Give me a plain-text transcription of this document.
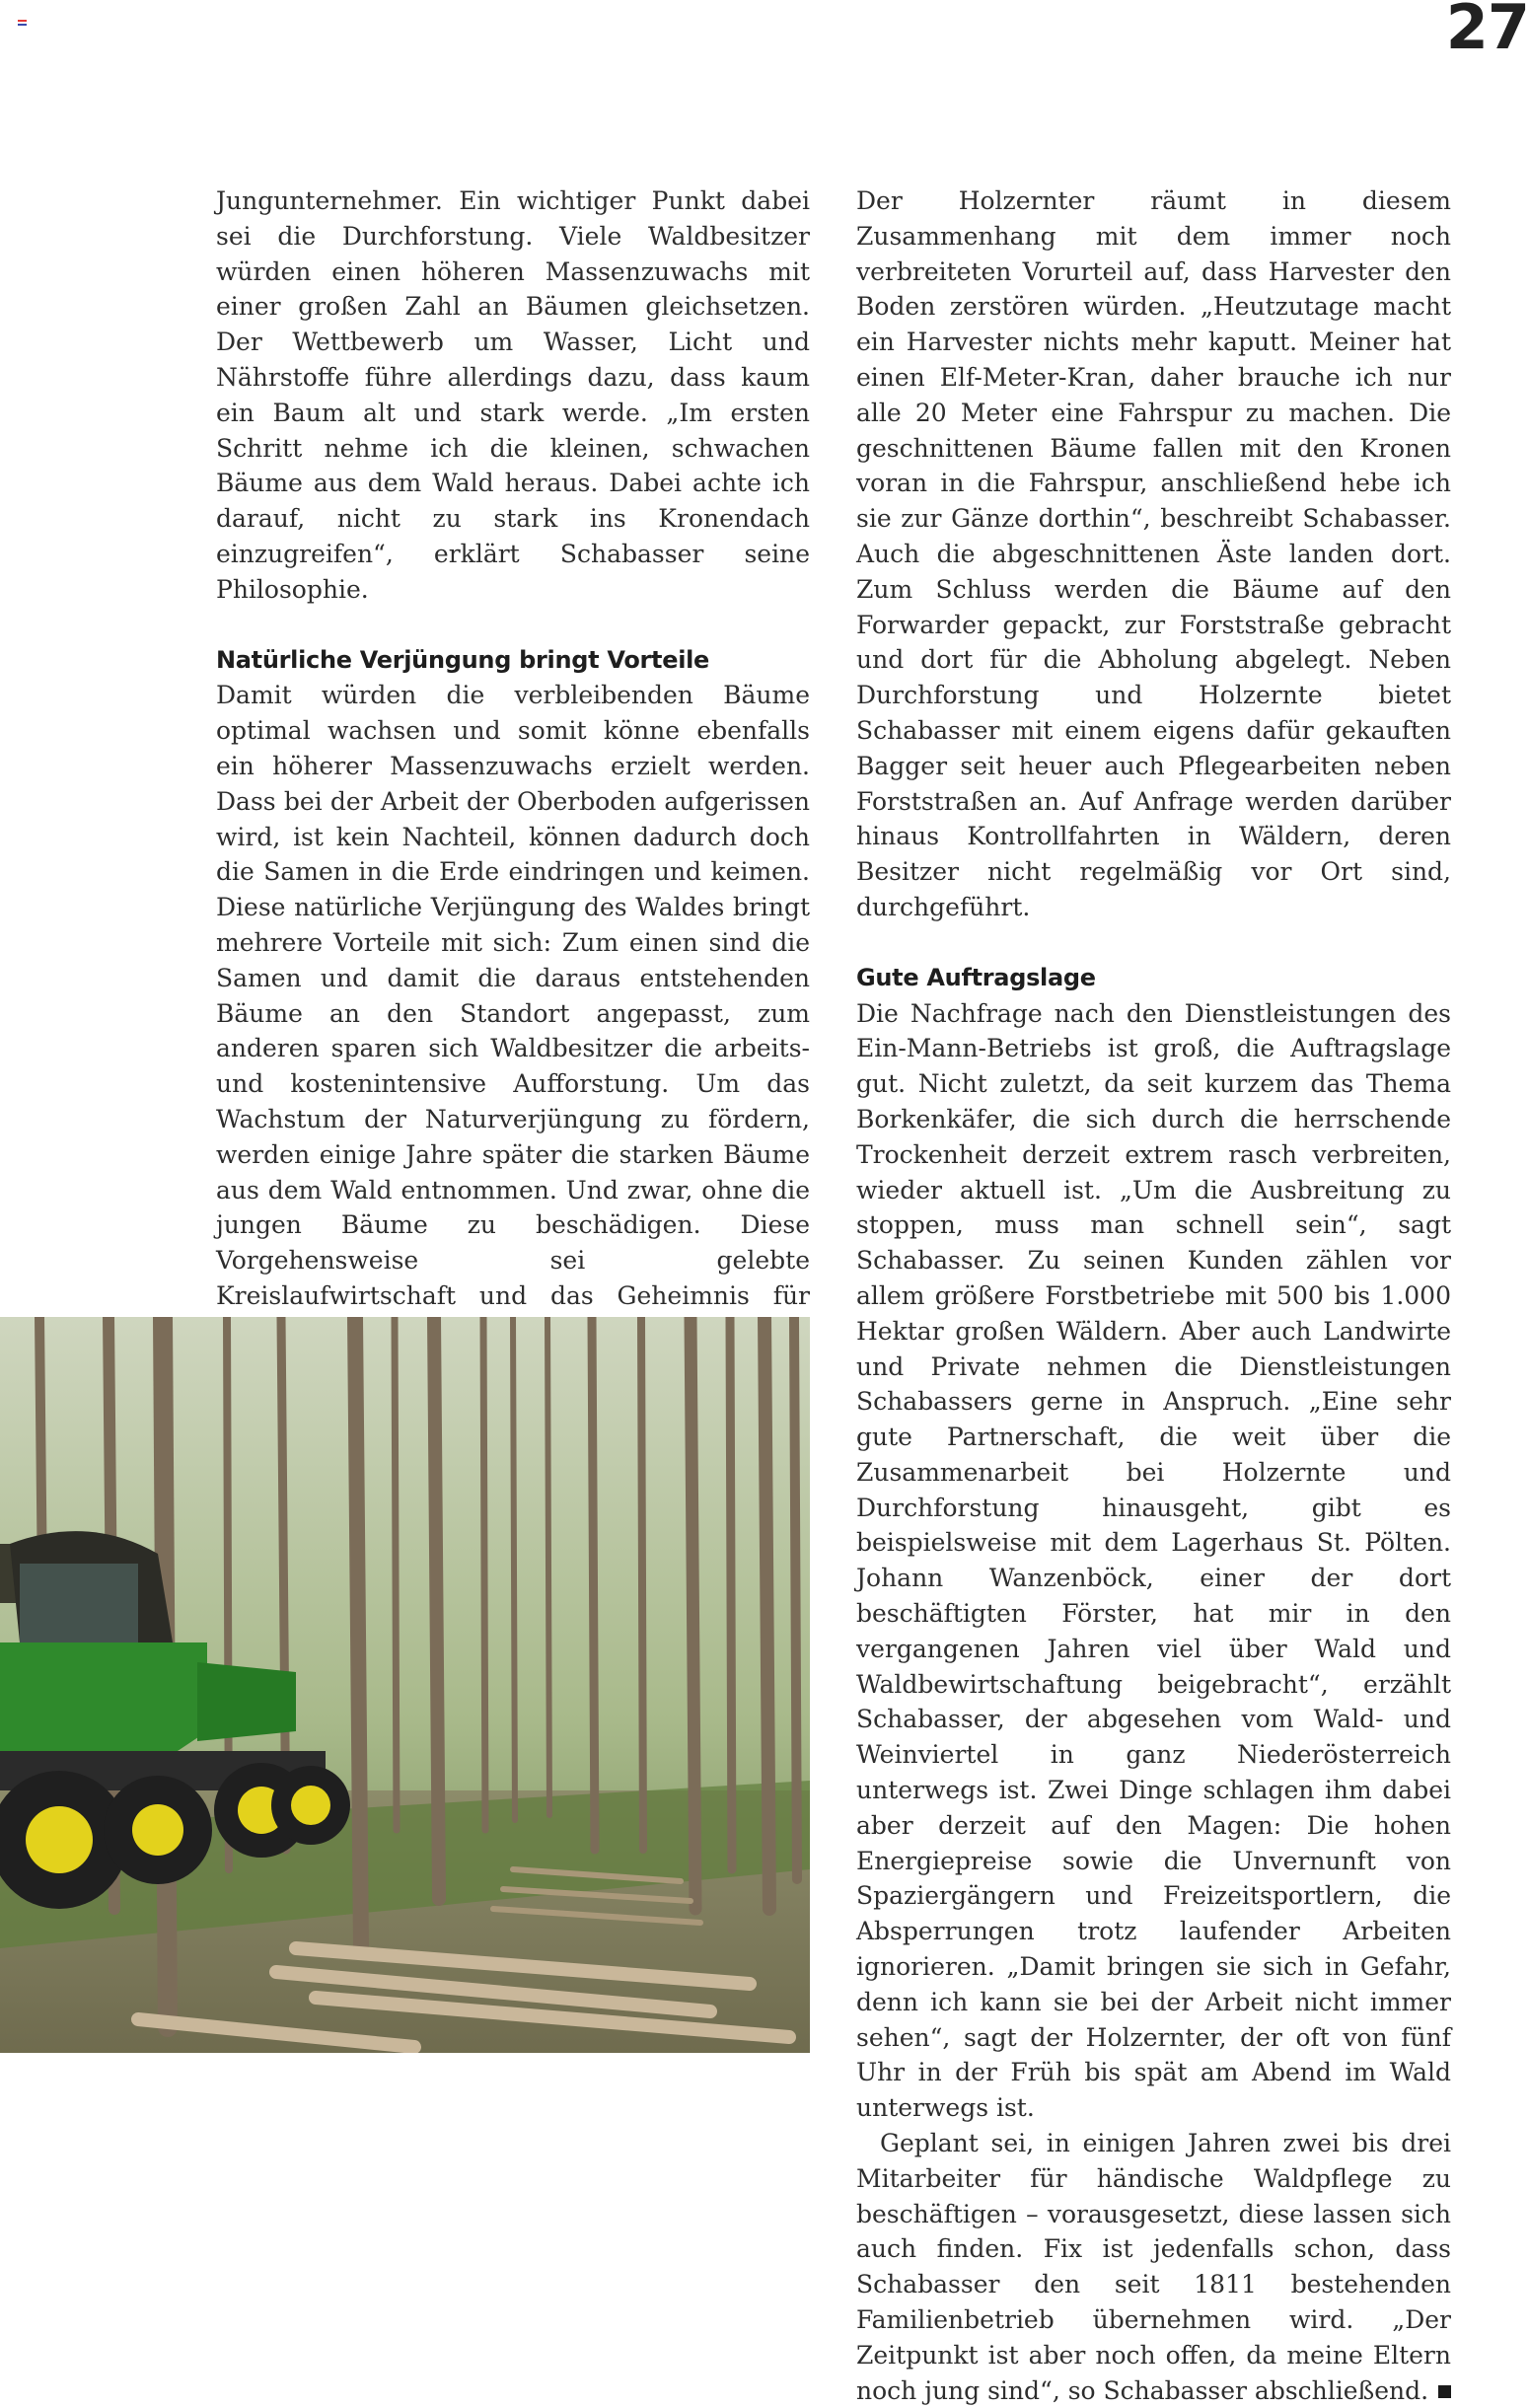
27

Jungunternehmer. Ein wichtiger Punkt dabei sei die Durchforstung. Viele Waldbesitzer würden einen höheren Massenzuwachs mit einer großen Zahl an Bäumen gleichsetzen. Der Wettbewerb um Wasser, Licht und Nährstoffe führe allerdings dazu, dass kaum ein Baum alt und stark werde. „Im ersten Schritt nehme ich die kleinen, schwachen Bäume aus dem Wald heraus. Dabei achte ich darauf, nicht zu stark ins Kronendach einzugreifen“, erklärt Schabasser seine Philosophie.

Natürliche Verjüngung bringt Vorteile

Damit würden die verbleibenden Bäume optimal wachsen und somit könne ebenfalls ein höherer Massenzuwachs erzielt werden. Dass bei der Arbeit der Oberboden aufgerissen wird, ist kein Nachteil, können dadurch doch die Samen in die Erde eindringen und keimen. Diese natürliche Verjüngung des Waldes bringt mehrere Vorteile mit sich: Zum einen sind die Samen und damit die daraus entstehenden Bäume an den Standort angepasst, zum anderen sparen sich Waldbesitzer die arbeits- und kostenintensive Aufforstung. Um das Wachstum der Naturverjüngung zu fördern, werden einige Jahre später die starken Bäume aus dem Wald entnommen. Und zwar, ohne die jungen Bäume zu beschädigen. Diese Vorgehensweise sei gelebte Kreislaufwirtschaft und das Geheimnis für

Der Holzernter räumt in diesem Zusammenhang mit dem immer noch verbreiteten Vorurteil auf, dass Harvester den Boden zerstören würden. „Heutzutage macht ein Harvester nichts mehr kaputt. Meiner hat einen Elf-Meter-Kran, daher brauche ich nur alle 20 Meter eine Fahrspur zu machen. Die geschnittenen Bäume fallen mit den Kronen voran in die Fahrspur, anschließend hebe ich sie zur Gänze dorthin“, beschreibt Schabasser. Auch die abgeschnittenen Äste landen dort. Zum Schluss werden die Bäume auf den Forwarder gepackt, zur Forststraße gebracht und dort für die Abholung abgelegt. Neben Durchforstung und Holzernte bietet Schabasser mit einem eigens dafür gekauften Bagger seit heuer auch Pflegearbeiten neben Forststraßen an. Auf Anfrage werden darüber hinaus Kontrollfahrten in Wäldern, deren Besitzer nicht regelmäßig vor Ort sind, durchgeführt.

Gute Auftragslage

Die Nachfrage nach den Dienstleistungen des Ein-Mann-Betriebs ist groß, die Auftragslage gut. Nicht zuletzt, da seit kurzem das Thema Borkenkäfer, die sich durch die herrschende Trockenheit derzeit extrem rasch verbreiten, wieder aktuell ist. „Um die Ausbreitung zu stoppen, muss man schnell sein“, sagt Schabasser. Zu seinen Kunden zählen vor allem größere Forstbetriebe mit 500 bis 1.000 Hektar großen Wäldern. Aber auch Landwirte und Private nehmen die Dienstleistungen Schabassers gerne in Anspruch. „Eine sehr gute Partnerschaft, die weit über die Zusammenarbeit bei Holzernte und Durchforstung hinausgeht, gibt es beispielsweise mit dem Lagerhaus St. Pölten. Johann Wanzenböck, einer der dort beschäftigten Förster, hat mir in den vergangenen Jahren viel über Wald und Waldbewirtschaftung beigebracht“, erzählt Schabasser, der abgesehen vom Wald- und Weinviertel in ganz Niederösterreich unterwegs ist. Zwei Dinge schlagen ihm dabei aber derzeit auf den Magen: Die hohen Energiepreise sowie die Unvernunft von Spaziergängern und Freizeitsportlern, die Absperrungen trotz laufender Arbeiten ignorieren. „Damit bringen sie sich in Gefahr, denn ich kann sie bei der Arbeit nicht immer sehen“, sagt der Holzernter, der oft von fünf Uhr in der Früh bis spät am Abend im Wald unterwegs ist.

Geplant sei, in einigen Jahren zwei bis drei Mitarbeiter für händische Waldpflege zu beschäftigen – vorausgesetzt, diese lassen sich auch finden. Fix ist jedenfalls schon, dass Schabasser den seit 1811 bestehenden Familienbetrieb übernehmen wird. „Der Zeitpunkt ist aber noch offen, da meine Eltern noch jung sind“, so Schabasser abschließend.
